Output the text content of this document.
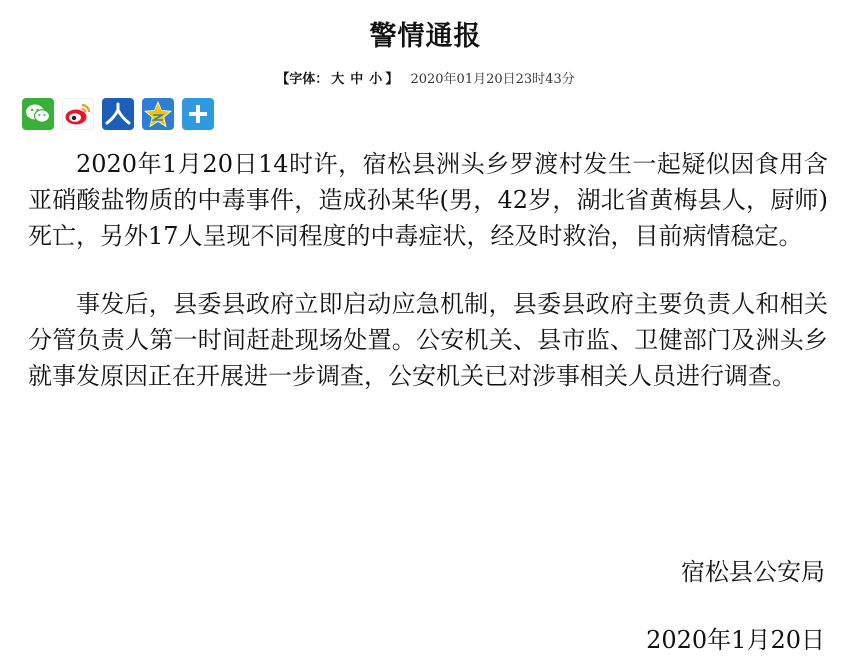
警情通报
【字体： 大 中 小 】 2020年01月20日23时43分

2020年1月20日14时许，宿松县洲头乡罗渡村发生一起疑似因食用含亚硝酸盐物质的中毒事件，造成孙某华(男，42岁，湖北省黄梅县人，厨师)死亡，另外17人呈现不同程度的中毒症状，经及时救治，目前病情稳定。

事发后，县委县政府立即启动应急机制，县委县政府主要负责人和相关分管负责人第一时间赶赴现场处置。公安机关、县市监、卫健部门及洲头乡就事发原因正在开展进一步调查，公安机关已对涉事相关人员进行调查。

宿松县公安局
2020年1月20日
